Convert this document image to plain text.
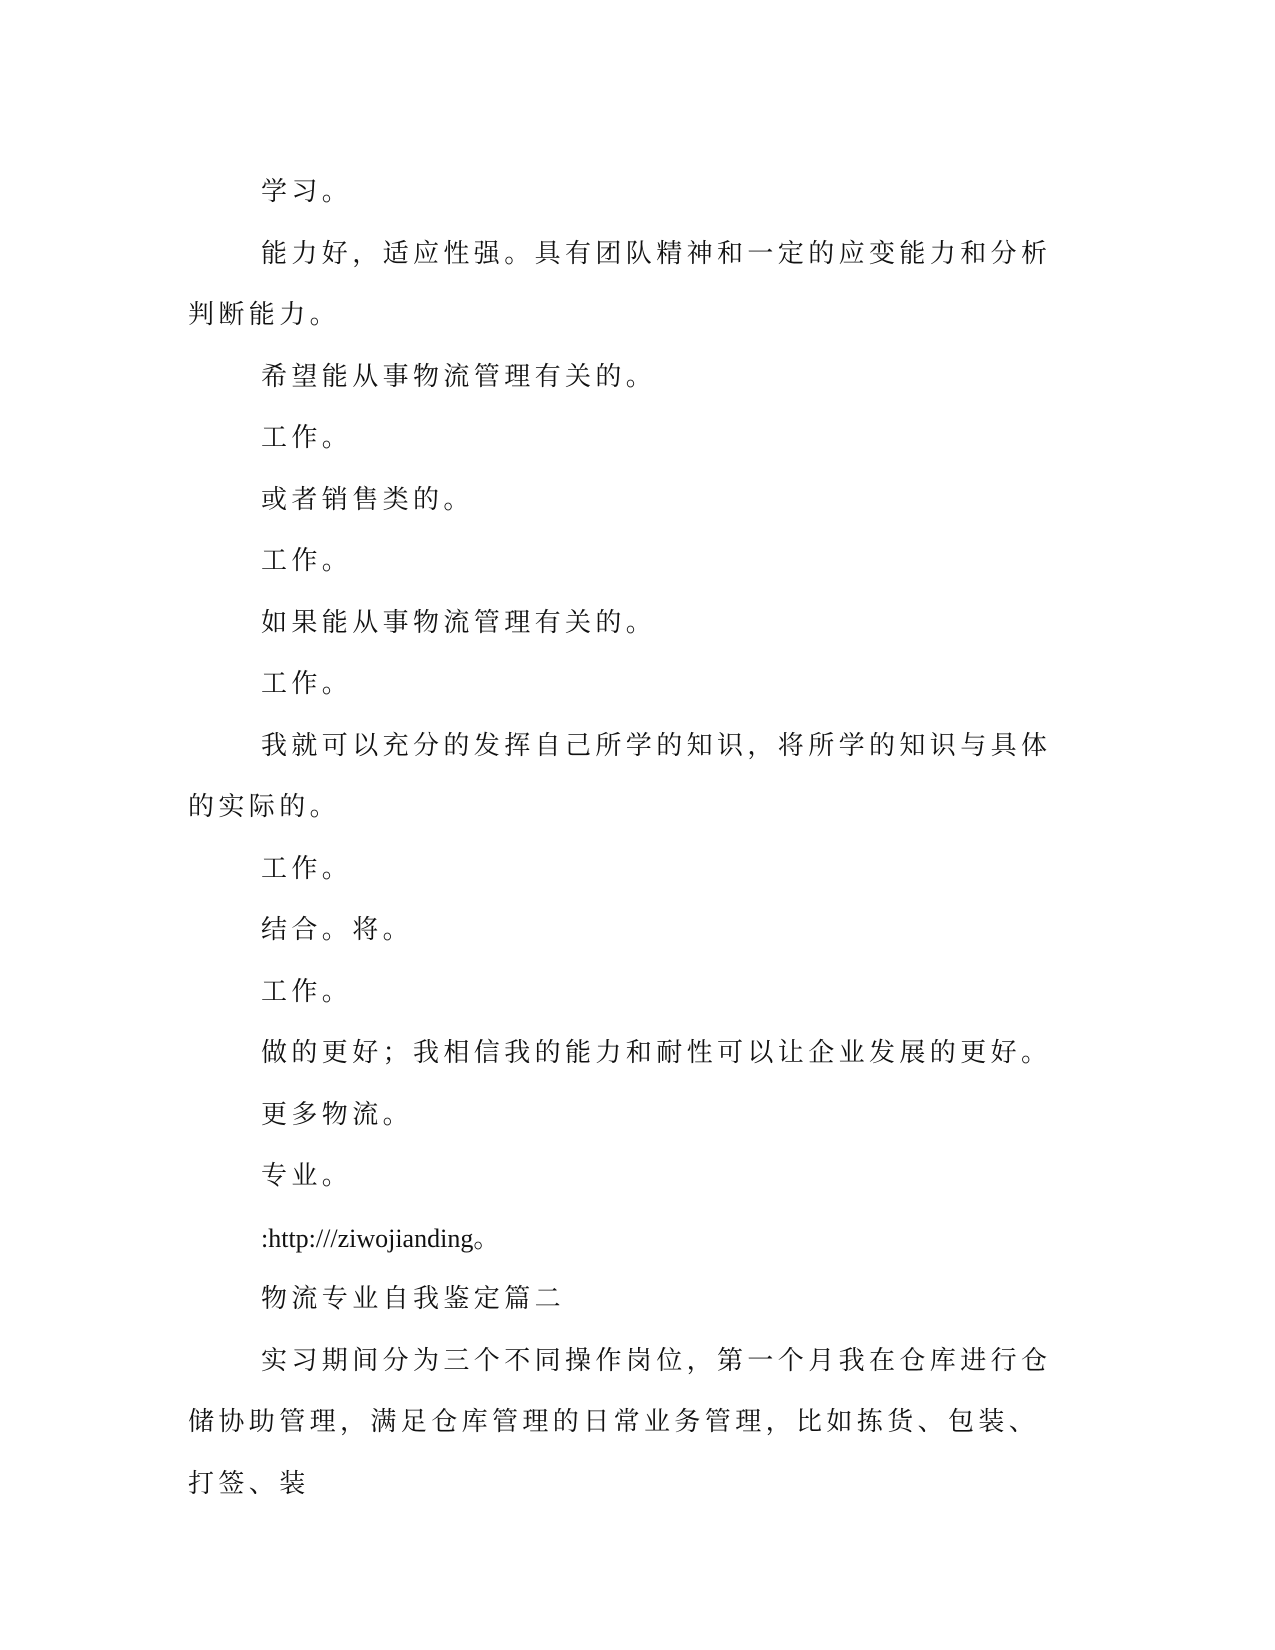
学习。

能力好，适应性强。具有团队精神和一定的应变能力和分析判断能力。

希望能从事物流管理有关的。

工作。

或者销售类的。

工作。

如果能从事物流管理有关的。

工作。

我就可以充分的发挥自己所学的知识，将所学的知识与具体的实际的。

工作。

结合。将。

工作。

做的更好；我相信我的能力和耐性可以让企业发展的更好。

更多物流。

专业。

:http:///ziwojianding。

物流专业自我鉴定篇二

实习期间分为三个不同操作岗位，第一个月我在仓库进行仓储协助管理，满足仓库管理的日常业务管理，比如拣货、包装、打签、装
